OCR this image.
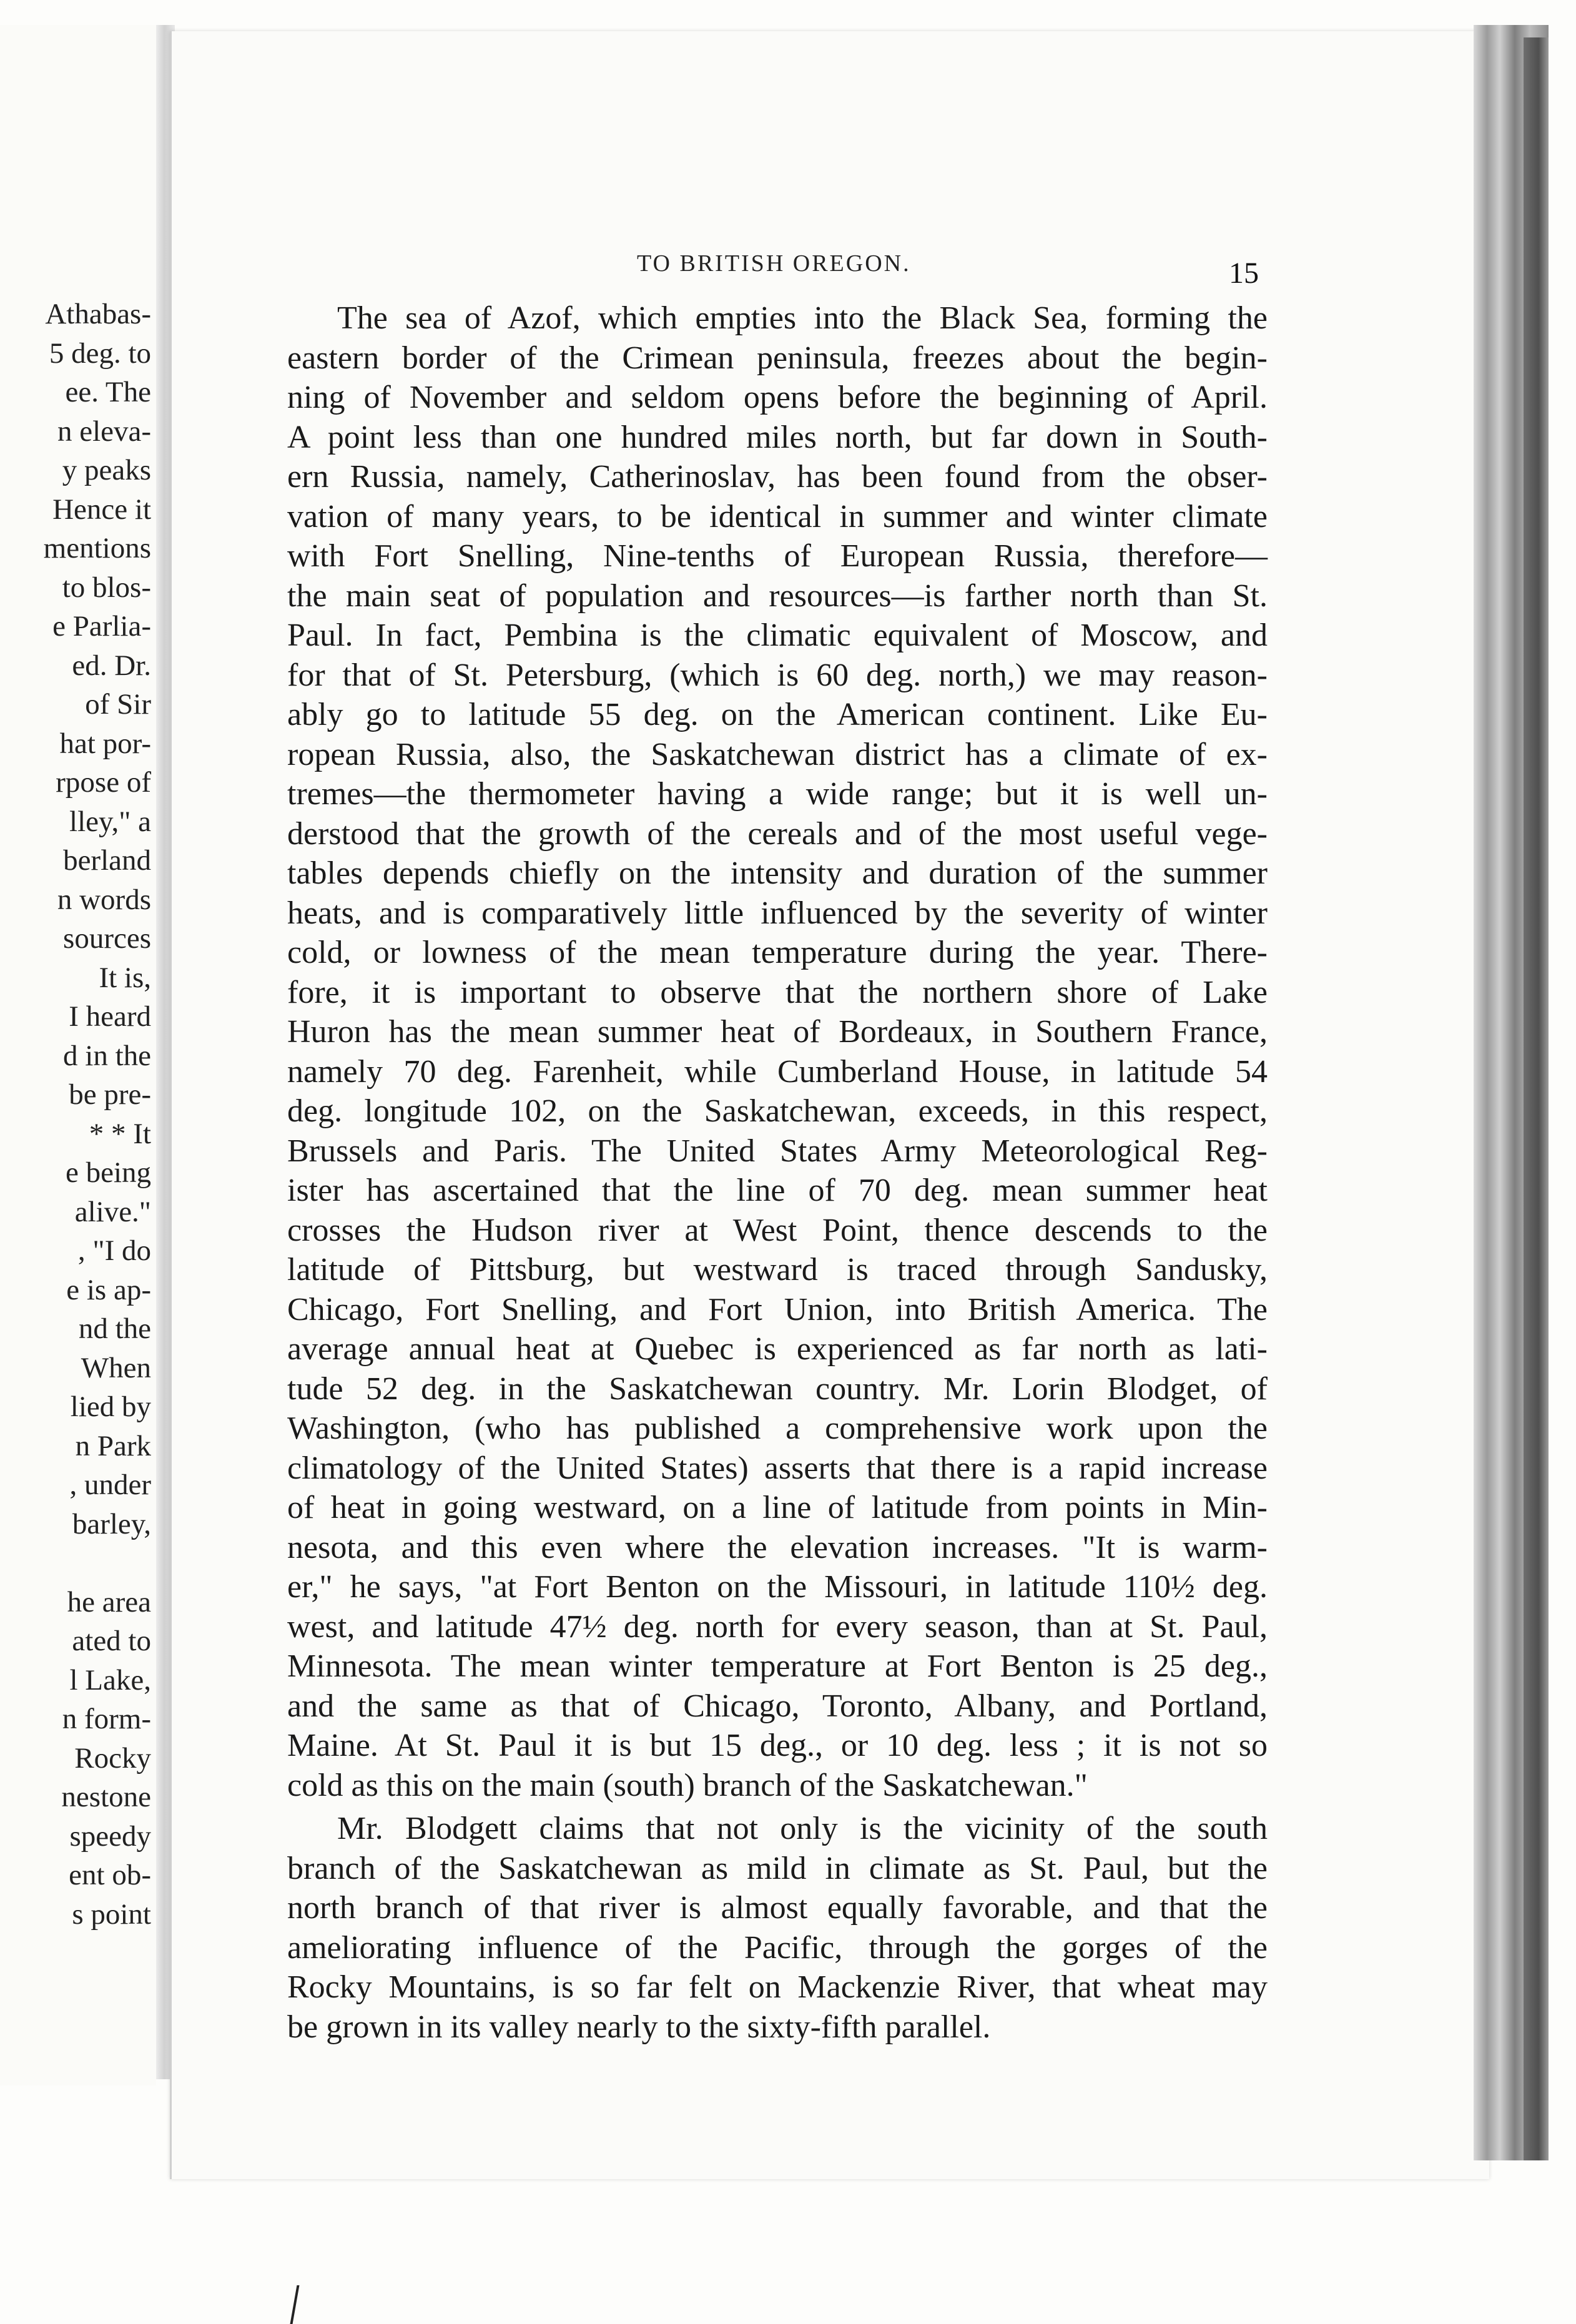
Athabas-
5 deg. to
ee. The
n eleva-
y peaks
Hence it
mentions
to blos-
e Parlia-
ed. Dr.
of Sir
hat por-
rpose of
lley," a
berland
n words
sources
It is,
I heard
d in the
be pre-
* * It
e being
alive."
, "I do
e is ap-
nd the
When
lied by
n Park
, under
barley,
he area
ated to
l Lake,
n form-
Rocky
nestone
speedy
ent ob-
s point
TO BRITISH OREGON.	15
The sea of Azof, which empties into the Black Sea, forming the
eastern border of the Crimean peninsula, freezes about the begin-
ning of November and seldom opens before the beginning of April.
A point less than one hundred miles north, but far down in South-
ern Russia, namely, Catherinoslav, has been found from the obser-
vation of many years, to be identical in summer and winter climate
with Fort Snelling, Nine-tenths of European Russia, therefore—
the main seat of population and resources—is farther north than St.
Paul. In fact, Pembina is the climatic equivalent of Moscow, and
for that of St. Petersburg, (which is 60 deg. north,) we may reason-
ably go to latitude 55 deg. on the American continent. Like Eu-
ropean Russia, also, the Saskatchewan district has a climate of ex-
tremes—the thermometer having a wide range; but it is well un-
derstood that the growth of the cereals and of the most useful vege-
tables depends chiefly on the intensity and duration of the summer
heats, and is comparatively little influenced by the severity of winter
cold, or lowness of the mean temperature during the year. There-
fore, it is important to observe that the northern shore of Lake
Huron has the mean summer heat of Bordeaux, in Southern France,
namely 70 deg. Farenheit, while Cumberland House, in latitude 54
deg. longitude 102, on the Saskatchewan, exceeds, in this respect,
Brussels and Paris. The United States Army Meteorological Reg-
ister has ascertained that the line of 70 deg. mean summer heat
crosses the Hudson river at West Point, thence descends to the
latitude of Pittsburg, but westward is traced through Sandusky,
Chicago, Fort Snelling, and Fort Union, into British America. The
average annual heat at Quebec is experienced as far north as lati-
tude 52 deg. in the Saskatchewan country. Mr. Lorin Blodget, of
Washington, (who has published a comprehensive work upon the
climatology of the United States) asserts that there is a rapid increase
of heat in going westward, on a line of latitude from points in Min-
nesota, and this even where the elevation increases. "It is warm-
er," he says, "at Fort Benton on the Missouri, in latitude 110½ deg.
west, and latitude 47½ deg. north for every season, than at St. Paul,
Minnesota. The mean winter temperature at Fort Benton is 25 deg.,
and the same as that of Chicago, Toronto, Albany, and Portland,
Maine. At St. Paul it is but 15 deg., or 10 deg. less ; it is not so
cold as this on the main (south) branch of the Saskatchewan."
Mr. Blodgett claims that not only is the vicinity of the south
branch of the Saskatchewan as mild in climate as St. Paul, but the
north branch of that river is almost equally favorable, and that the
ameliorating influence of the Pacific, through the gorges of the
Rocky Mountains, is so far felt on Mackenzie River, that wheat may
be grown in its valley nearly to the sixty-fifth parallel.
